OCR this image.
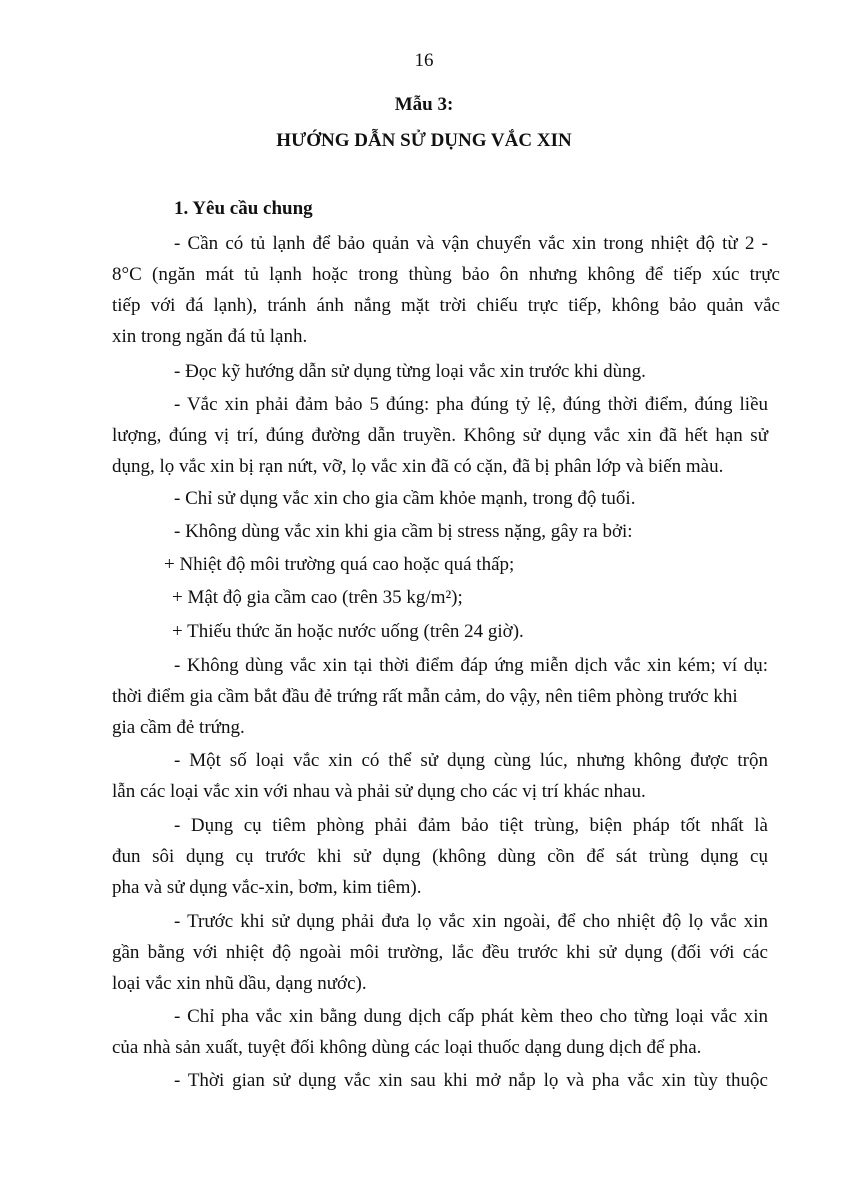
16
Mẫu 3:
HƯỚNG DẪN SỬ DỤNG VẮC XIN
1. Yêu cầu chung
- Cần có tủ lạnh để bảo quản và vận chuyển vắc xin trong nhiệt độ từ 2 -
8°C (ngăn mát tủ lạnh hoặc trong thùng bảo ôn nhưng không để tiếp xúc trực
tiếp với đá lạnh), tránh ánh nắng mặt trời chiếu trực tiếp, không bảo quản vắc
xin trong ngăn đá tủ lạnh.
- Đọc kỹ hướng dẫn sử dụng từng loại vắc xin trước khi dùng.
- Vắc xin phải đảm bảo 5 đúng: pha đúng tỷ lệ, đúng thời điểm, đúng liều
lượng, đúng vị trí, đúng đường dẫn truyền. Không sử dụng vắc xin đã hết hạn sử
dụng, lọ vắc xin bị rạn nứt, vỡ, lọ vắc xin đã có cặn, đã bị phân lớp và biến màu.
- Chỉ sử dụng vắc xin cho gia cầm khỏe mạnh, trong độ tuổi.
- Không dùng vắc xin khi gia cầm bị stress nặng, gây ra bởi:
+ Nhiệt độ môi trường quá cao hoặc quá thấp;
+ Mật độ gia cầm cao (trên 35 kg/m²);
+ Thiếu thức ăn hoặc nước uống (trên 24 giờ).
- Không dùng vắc xin tại thời điểm đáp ứng miễn dịch vắc xin kém; ví dụ:
thời điểm gia cầm bắt đầu đẻ trứng rất mẫn cảm, do vậy, nên tiêm phòng trước khi
gia cầm đẻ trứng.
- Một số loại vắc xin có thể sử dụng cùng lúc, nhưng không được trộn
lẫn các loại vắc xin với nhau và phải sử dụng cho các vị trí khác nhau.
- Dụng cụ tiêm phòng phải đảm bảo tiệt trùng, biện pháp tốt nhất là
đun sôi dụng cụ trước khi sử dụng (không dùng cồn để sát trùng dụng cụ
pha và sử dụng vắc-xin, bơm, kim tiêm).
- Trước khi sử dụng phải đưa lọ vắc xin ngoài, để cho nhiệt độ lọ vắc xin
gần bằng với nhiệt độ ngoài môi trường, lắc đều trước khi sử dụng (đối với các
loại vắc xin nhũ dầu, dạng nước).
- Chỉ pha vắc xin bằng dung dịch cấp phát kèm theo cho từng loại vắc xin
của nhà sản xuất, tuyệt đối không dùng các loại thuốc dạng dung dịch để pha.
- Thời gian sử dụng vắc xin sau khi mở nắp lọ và pha vắc xin tùy thuộc
